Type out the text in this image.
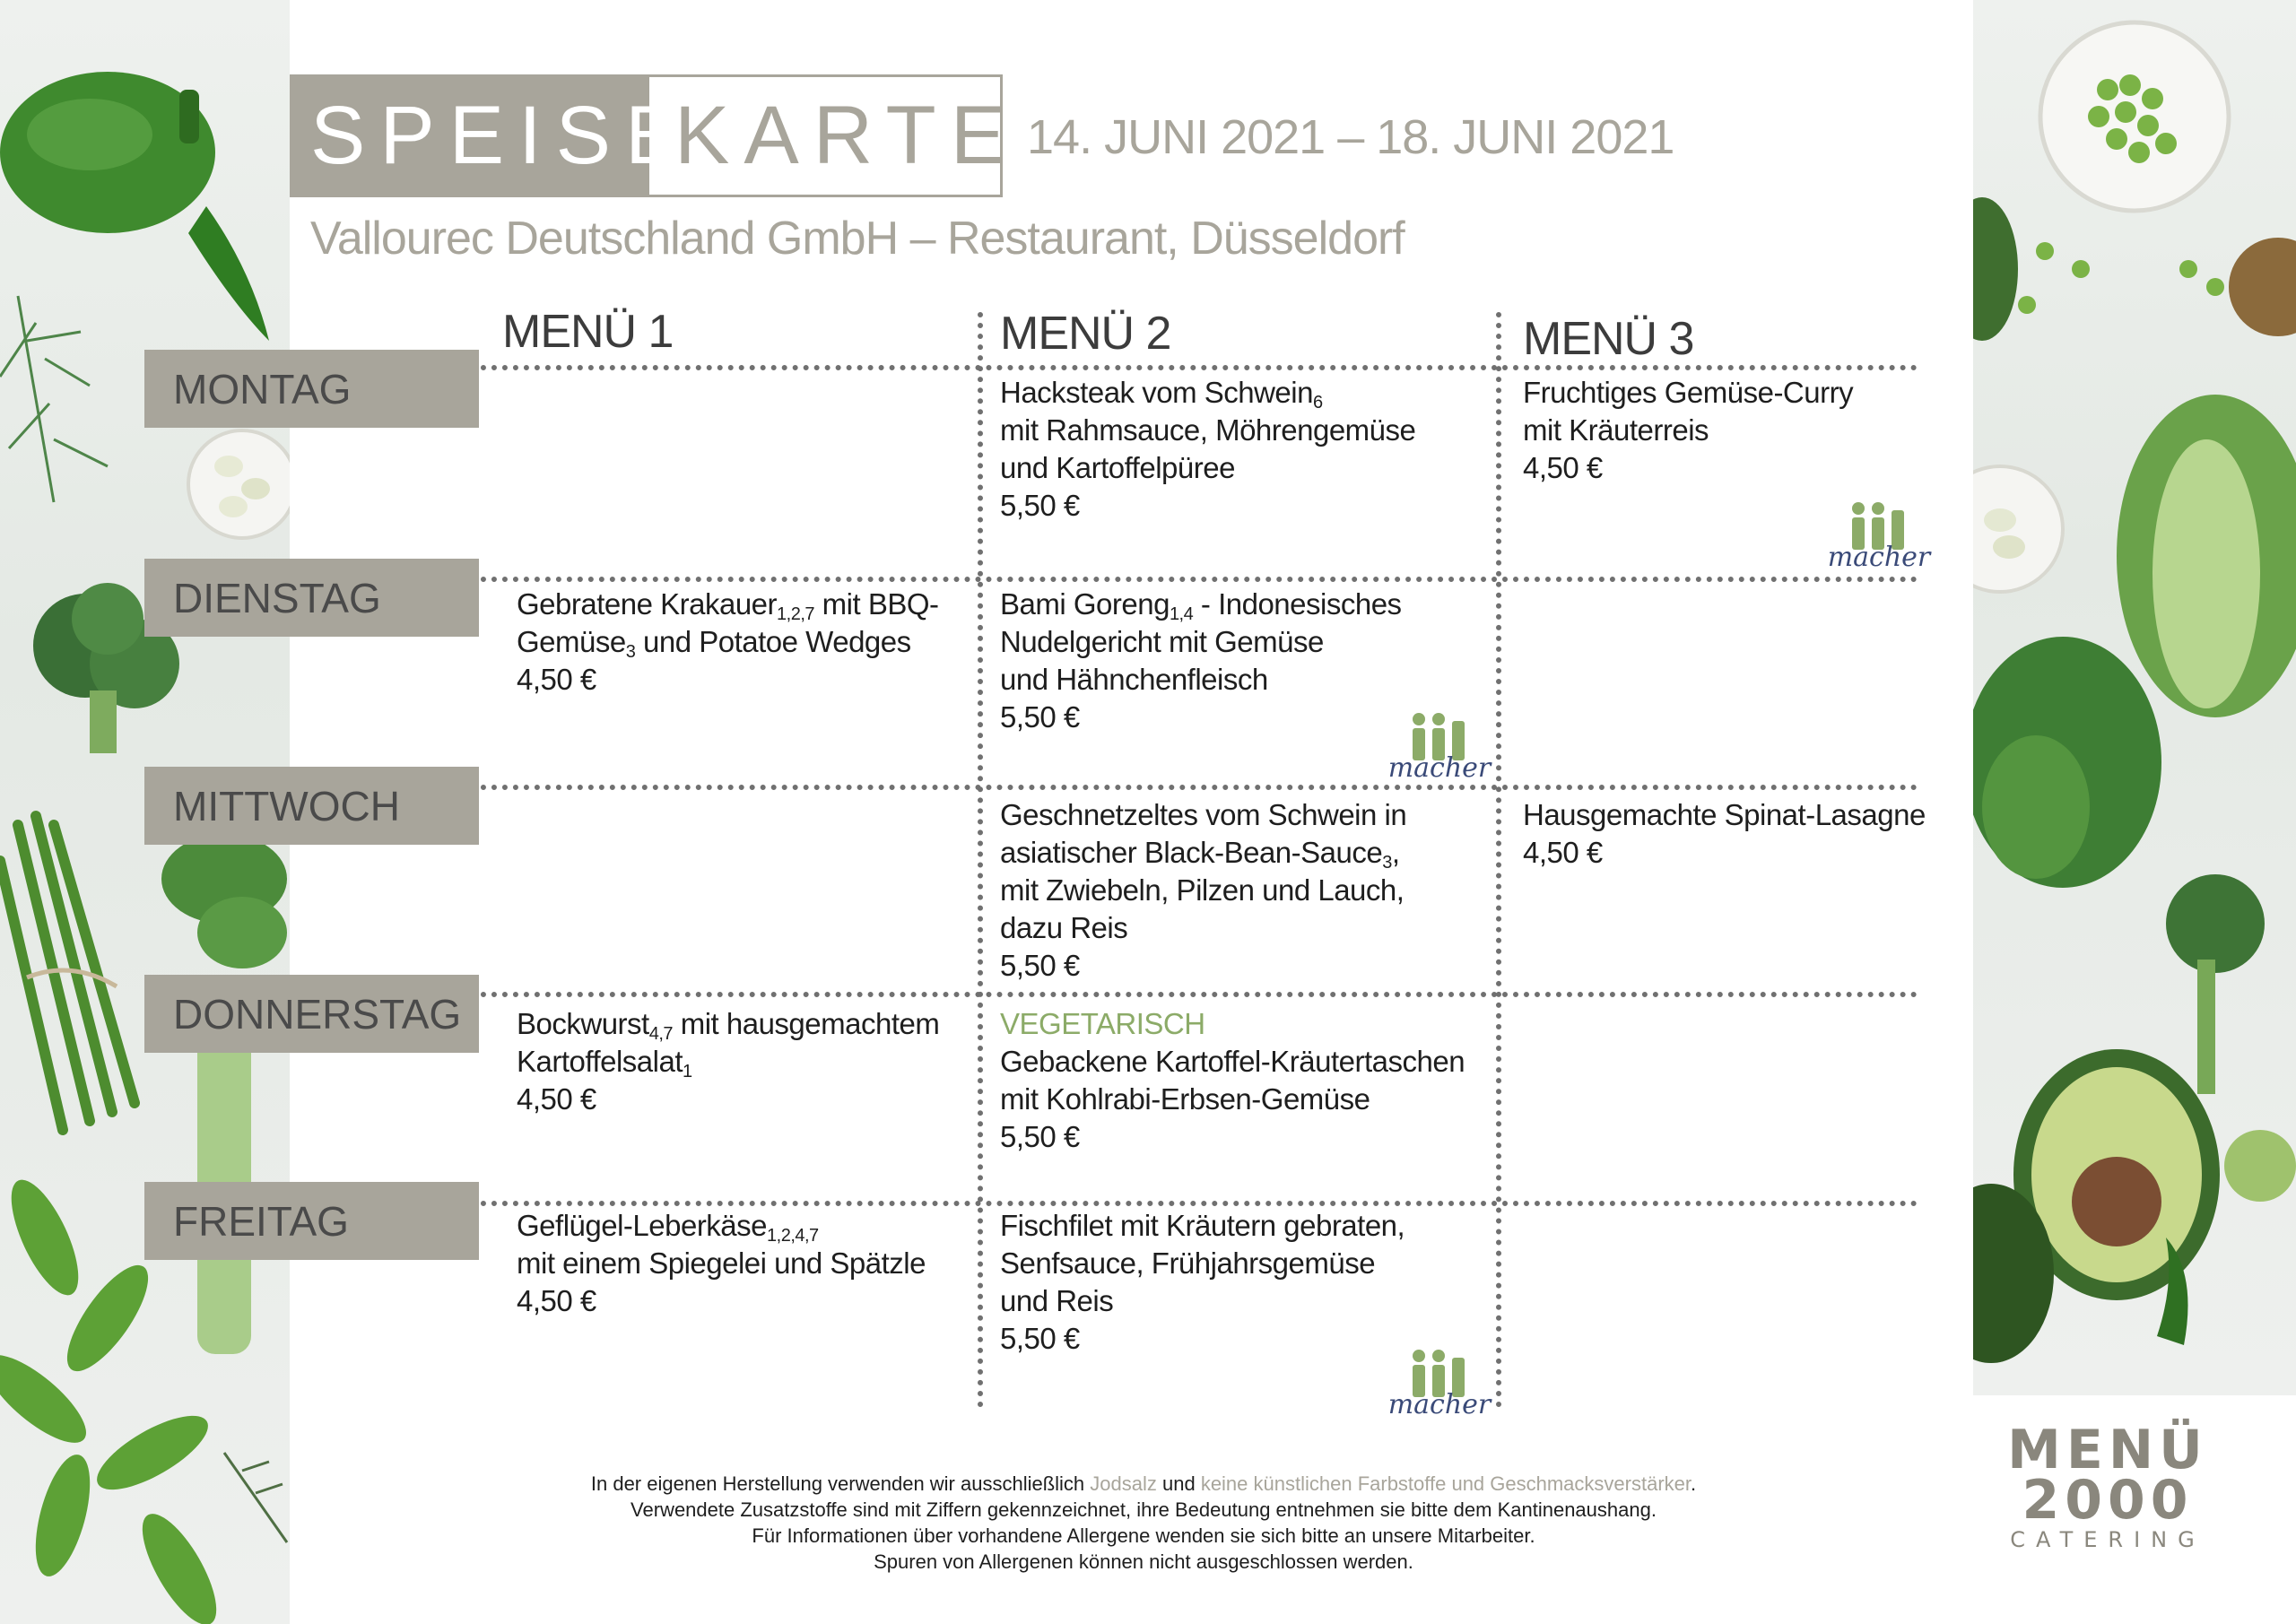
SPEISE
KARTE 14. JUNI 2021 – 18. JUNI 2021
Vallourec Deutschland GmbH – Restaurant, Düsseldorf
MENÜ 1	MENÜ 2	MENÜ 3
MONTAG
DIENSTAG
MITTWOCH
DONNERSTAG
FREITAG
Hacksteak vom Schwein$_6$
mit Rahmsauce, Möhrengemüse
und Kartoffelpüree
5,50 €
Fruchtiges Gemüse-Curry
mit Kräuterreis
4,50 €
Gebratene Krakauer$_{1,2,7}$ mit BBQ-
Gemüse$_3$ und Potatoe Wedges
4,50 €
Bami Goreng$_{1,4}$ - Indonesisches
Nudelgericht mit Gemüse
und Hähnchenfleisch
5,50 €
Geschnetzeltes vom Schwein in
asiatischer Black-Bean-Sauce$_3$,
mit Zwiebeln, Pilzen und Lauch,
dazu Reis
5,50 €
Hausgemachte Spinat-Lasagne
4,50 €
Bockwurst$_{4,7}$ mit hausgemachtem
Kartoffelsalat$_1$
4,50 €
VEGETARISCH
Gebackene Kartoffel-Kräutertaschen
mit Kohlrabi-Erbsen-Gemüse
5,50 €
Geflügel-Leberkäse$_{1,2,4,7}$
mit einem Spiegelei und Spätzle
4,50 €
Fischfilet mit Kräutern gebraten,
Senfsauce, Frühjahrsgemüse
und Reis
5,50 €
macher
macher
macher
In der eigenen Herstellung verwenden wir ausschließlich Jodsalz und keine künstlichen Farbstoffe und Geschmacksverstärker.
Verwendete Zusatzstoffe sind mit Ziffern gekennzeichnet, ihre Bedeutung entnehmen sie bitte dem Kantinenaushang.
Für Informationen über vorhandene Allergene wenden sie sich bitte an unsere Mitarbeiter.
Spuren von Allergenen können nicht ausgeschlossen werden.
MENÜ
2000
CATERING
